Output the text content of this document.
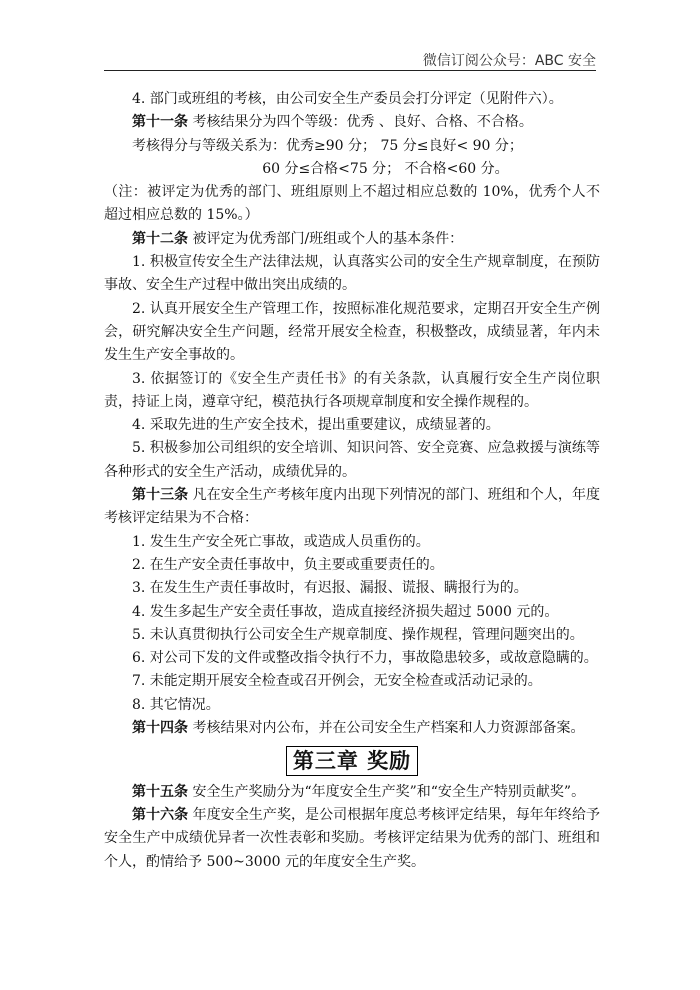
微信订阅公众号：ABC 安全

4. 部门或班组的考核，由公司安全生产委员会打分评定（见附件六）。

第十一条 考核结果分为四个等级：优秀 、良好、合格、不合格。

考核得分与等级关系为：优秀≥90 分； 75 分≤良好< 90 分；

60 分≤合格<75 分； 不合格<60 分。

（注：被评定为优秀的部门、班组原则上不超过相应总数的 10%，优秀个人不超过相应总数的 15%。）

第十二条 被评定为优秀部门/班组或个人的基本条件：

1. 积极宣传安全生产法律法规，认真落实公司的安全生产规章制度，在预防事故、安全生产过程中做出突出成绩的。

2. 认真开展安全生产管理工作，按照标准化规范要求，定期召开安全生产例会，研究解决安全生产问题，经常开展安全检查，积极整改，成绩显著，年内未发生生产安全事故的。

3. 依据签订的《安全生产责任书》的有关条款，认真履行安全生产岗位职责，持证上岗，遵章守纪，模范执行各项规章制度和安全操作规程的。

4. 采取先进的生产安全技术，提出重要建议，成绩显著的。

5. 积极参加公司组织的安全培训、知识问答、安全竞赛、应急救援与演练等各种形式的安全生产活动，成绩优异的。

第十三条 凡在安全生产考核年度内出现下列情况的部门、班组和个人，年度考核评定结果为不合格：

1. 发生生产安全死亡事故，或造成人员重伤的。

2. 在生产安全责任事故中，负主要或重要责任的。

3. 在发生生产责任事故时，有迟报、漏报、谎报、瞒报行为的。

4. 发生多起生产安全责任事故，造成直接经济损失超过 5000 元的。

5. 未认真贯彻执行公司安全生产规章制度、操作规程，管理问题突出的。

6. 对公司下发的文件或整改指令执行不力，事故隐患较多，或故意隐瞒的。

7. 未能定期开展安全检查或召开例会，无安全检查或活动记录的。

8. 其它情况。

第十四条 考核结果对内公布，并在公司安全生产档案和人力资源部备案。

第三章 奖励

第十五条 安全生产奖励分为“年度安全生产奖”和“安全生产特别贡献奖”。

第十六条 年度安全生产奖，是公司根据年度总考核评定结果，每年年终给予安全生产中成绩优异者一次性表彰和奖励。考核评定结果为优秀的部门、班组和个人，酌情给予 500~3000 元的年度安全生产奖。
